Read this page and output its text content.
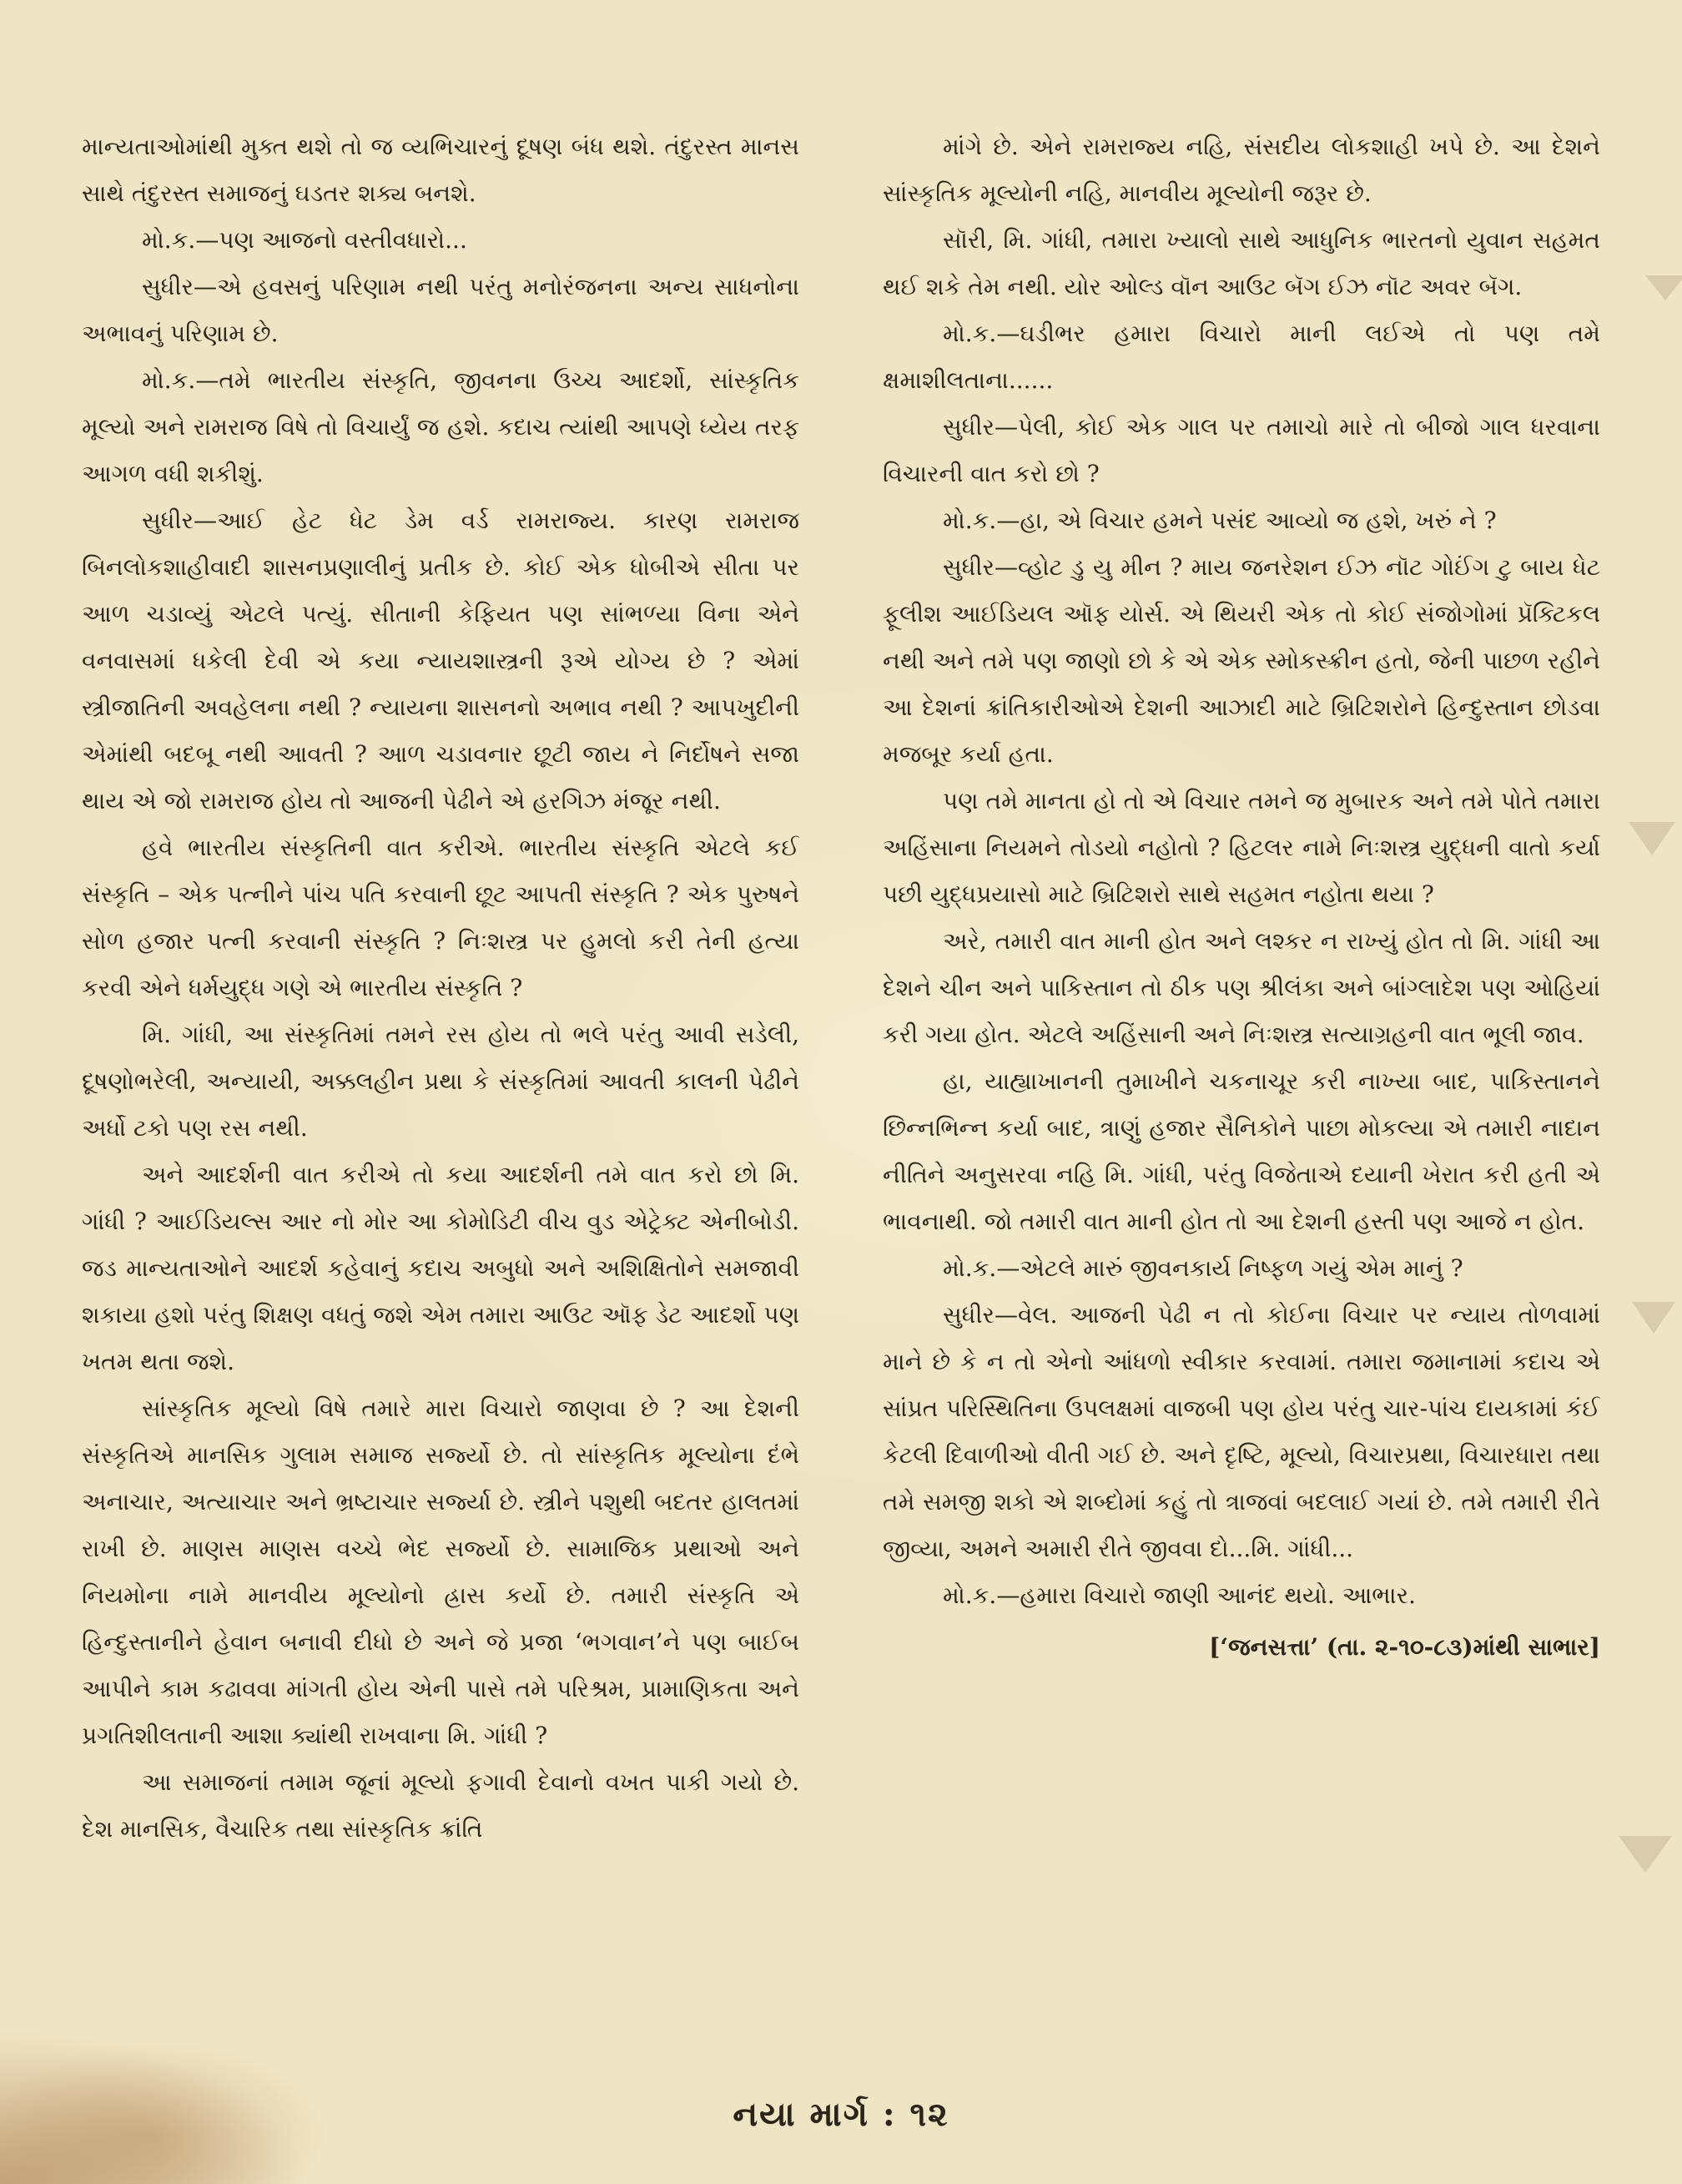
માન્યતાઓમાંથી મુક્ત થશે તો જ વ્યભિચારનું દૂષણ બંધ થશે. તંદુરસ્ત માનસ સાથે તંદુરસ્ત સમાજનું ઘડતર શક્ય બનશે.

મો.ક.—પણ આજનો વસ્તીવધારો...

સુધીર—એ હવસનું પરિણામ નથી પરંતુ મનોરંજનના અન્ય સાધનોના અભાવનું પરિણામ છે.

મો.ક.—તમે ભારતીય સંસ્કૃતિ, જીવનના ઉચ્ચ આદર્શો, સાંસ્કૃતિક મૂલ્યો અને રામરાજ વિષે તો વિચાર્યું જ હશે. કદાચ ત્યાંથી આપણે ધ્યેય તરફ આગળ વધી શકીશું.

સુધીર—આઈ હેટ ધેટ ડેમ વર્ડ રામરાજ્ય. કારણ રામરાજ બિનલોકશાહીવાદી શાસનપ્રણાલીનું પ્રતીક છે. કોઈ એક ધોબીએ સીતા પર આળ ચડાવ્યું એટલે પત્યું. સીતાની કેફિયત પણ સાંભળ્યા વિના એને વનવાસમાં ધકેલી દેવી એ કયા ન્યાયશાસ્ત્રની રૂએ યોગ્ય છે ? એમાં સ્ત્રીજાતિની અવહેલના નથી ? ન્યાયના શાસનનો અભાવ નથી ? આપખુદીની એમાંથી બદબૂ નથી આવતી ? આળ ચડાવનાર છૂટી જાય ને નિર્દોષને સજા થાય એ જો રામરાજ હોય તો આજની પેઢીને એ હરગિઝ મંજૂર નથી.

હવે ભારતીય સંસ્કૃતિની વાત કરીએ. ભારતીય સંસ્કૃતિ એટલે કઈ સંસ્કૃતિ – એક પત્નીને પાંચ પતિ કરવાની છૂટ આપતી સંસ્કૃતિ ? એક પુરુષને સોળ હજાર પત્ની કરવાની સંસ્કૃતિ ? નિઃશસ્ત્ર પર હુમલો કરી તેની હત્યા કરવી એને ધર્મયુદ્ધ ગણે એ ભારતીય સંસ્કૃતિ ?

મિ. ગાંધી, આ સંસ્કૃતિમાં તમને રસ હોય તો ભલે પરંતુ આવી સડેલી, દૂષણોભરેલી, અન્યાયી, અક્કલહીન પ્રથા કે સંસ્કૃતિમાં આવતી કાલની પેઢીને અર્ધો ટકો પણ રસ નથી.

અને આદર્શની વાત કરીએ તો કયા આદર્શની તમે વાત કરો છો મિ. ગાંધી ? આઈડિયલ્સ આર નો મોર આ કોમોડિટી વીચ વુડ એટ્રેક્ટ એનીબોડી. જડ માન્યતાઓને આદર્શ કહેવાનું કદાચ અબુધો અને અશિક્ષિતોને સમજાવી શકાયા હશો પરંતુ શિક્ષણ વધતું જશે એમ તમારા આઉટ ઑફ ડેટ આદર્શો પણ ખતમ થતા જશે.

સાંસ્કૃતિક મૂલ્યો વિષે તમારે મારા વિચારો જાણવા છે ? આ દેશની સંસ્કૃતિએ માનસિક ગુલામ સમાજ સર્જ્યો છે. તો સાંસ્કૃતિક મૂલ્યોના દંભે અનાચાર, અત્યાચાર અને ભ્રષ્ટાચાર સર્જ્યા છે. સ્ત્રીને પશુથી બદતર હાલતમાં રાખી છે. માણસ માણસ વચ્ચે ભેદ સર્જ્યો છે. સામાજિક પ્રથાઓ અને નિયમોના નામે માનવીય મૂલ્યોનો હ્રાસ કર્યો છે. તમારી સંસ્કૃતિ એ હિન્દુસ્તાનીને હેવાન બનાવી દીધો છે અને જે પ્રજા ‘ભગવાન’ને પણ બાઈબ આપીને કામ કઢાવવા માંગતી હોય એની પાસે તમે પરિશ્રમ, પ્રામાણિકતા અને પ્રગતિશીલતાની આશા ક્યાંથી રાખવાના મિ. ગાંધી ?

આ સમાજનાં તમામ જૂનાં મૂલ્યો ફગાવી દેવાનો વખત પાકી ગયો છે. દેશ માનસિક, વૈચારિક તથા સાંસ્કૃતિક ક્રાંતિ

માંગે છે. એને રામરાજ્ય નહિ, સંસદીય લોકશાહી ખપે છે. આ દેશને સાંસ્કૃતિક મૂલ્યોની નહિ, માનવીય મૂલ્યોની જરૂર છે.

સૉરી, મિ. ગાંધી, તમારા ખ્યાલો સાથે આધુનિક ભારતનો યુવાન સહમત થઈ શકે તેમ નથી. યોર ઓલ્ડ વૉન આઉટ બૅગ ઈઝ નૉટ અવર બૅગ.

મો.ક.—ઘડીભર હમારા વિચારો માની લઈએ તો પણ તમે ક્ષમાશીલતાના......

સુધીર—પેલી, કોઈ એક ગાલ પર તમાચો મારે તો બીજો ગાલ ધરવાના વિચારની વાત કરો છો ?

મો.ક.—હા, એ વિચાર હમને પસંદ આવ્યો જ હશે, ખરું ને ?

સુધીર—વ્હોટ ડુ યુ મીન ? માય જનરેશન ઈઝ નૉટ ગોઈંગ ટુ બાય ધેટ ફૂલીશ આઈડિયલ ઑફ યોર્સ. એ થિયરી એક તો કોઈ સંજોગોમાં પ્રૅક્ટિકલ નથી અને તમે પણ જાણો છો કે એ એક સ્મોકસ્ક્રીન હતો, જેની પાછળ રહીને આ દેશનાં ક્રાંતિકારીઓએ દેશની આઝાદી માટે બ્રિટિશરોને હિન્દુસ્તાન છોડવા મજબૂર કર્યા હતા.

પણ તમે માનતા હો તો એ વિચાર તમને જ મુબારક અને તમે પોતે તમારા અહિંસાના નિયમને તોડયો નહોતો ? હિટલર નામે નિઃશસ્ત્ર યુદ્ધની વાતો કર્યા પછી યુદ્ધપ્રયાસો માટે બ્રિટિશરો સાથે સહમત નહોતા થયા ?

અરે, તમારી વાત માની હોત અને લશ્કર ન રાખ્યું હોત તો મિ. ગાંધી આ દેશને ચીન અને પાકિસ્તાન તો ઠીક પણ શ્રીલંકા અને બાંગ્લાદેશ પણ ઓહિયાં કરી ગયા હોત. એટલે અહિંસાની અને નિઃશસ્ત્ર સત્યાગ્રહની વાત ભૂલી જાવ.

હા, યાહ્યાખાનની તુમાખીને ચકનાચૂર કરી નાખ્યા બાદ, પાકિસ્તાનને છિન્નભિન્ન કર્યા બાદ, ત્રાણું હજાર સૈનિકોને પાછા મોકલ્યા એ તમારી નાદાન નીતિને અનુસરવા નહિ મિ. ગાંધી, પરંતુ વિજેતાએ દયાની ખેરાત કરી હતી એ ભાવનાથી. જો તમારી વાત માની હોત તો આ દેશની હસ્તી પણ આજે ન હોત.

મો.ક.—એટલે મારું જીવનકાર્ય નિષ્ફળ ગયું એમ માનું ?

સુધીર—વેલ. આજની પેઢી ન તો કોઈના વિચાર પર ન્યાય તોળવામાં માને છે કે ન તો એનો આંધળો સ્વીકાર કરવામાં. તમારા જમાનામાં કદાચ એ સાંપ્રત પરિસ્થિતિના ઉપલક્ષમાં વાજબી પણ હોય પરંતુ ચાર-પાંચ દાયકામાં કંઈ કેટલી દિવાળીઓ વીતી ગઈ છે. અને દૃષ્ટિ, મૂલ્યો, વિચારપ્રથા, વિચારધારા તથા તમે સમજી શકો એ શબ્દોમાં કહું તો ત્રાજવાં બદલાઈ ગયાં છે. તમે તમારી રીતે જીવ્યા, અમને અમારી રીતે જીવવા દો...મિ. ગાંધી...

મો.ક.—હમારા વિચારો જાણી આનંદ થયો. આભાર.

[‘જનસત્તા’ (તા. ૨-૧૦-૮૩)માંથી સાભાર]

નયા માર્ગ : ૧૨
